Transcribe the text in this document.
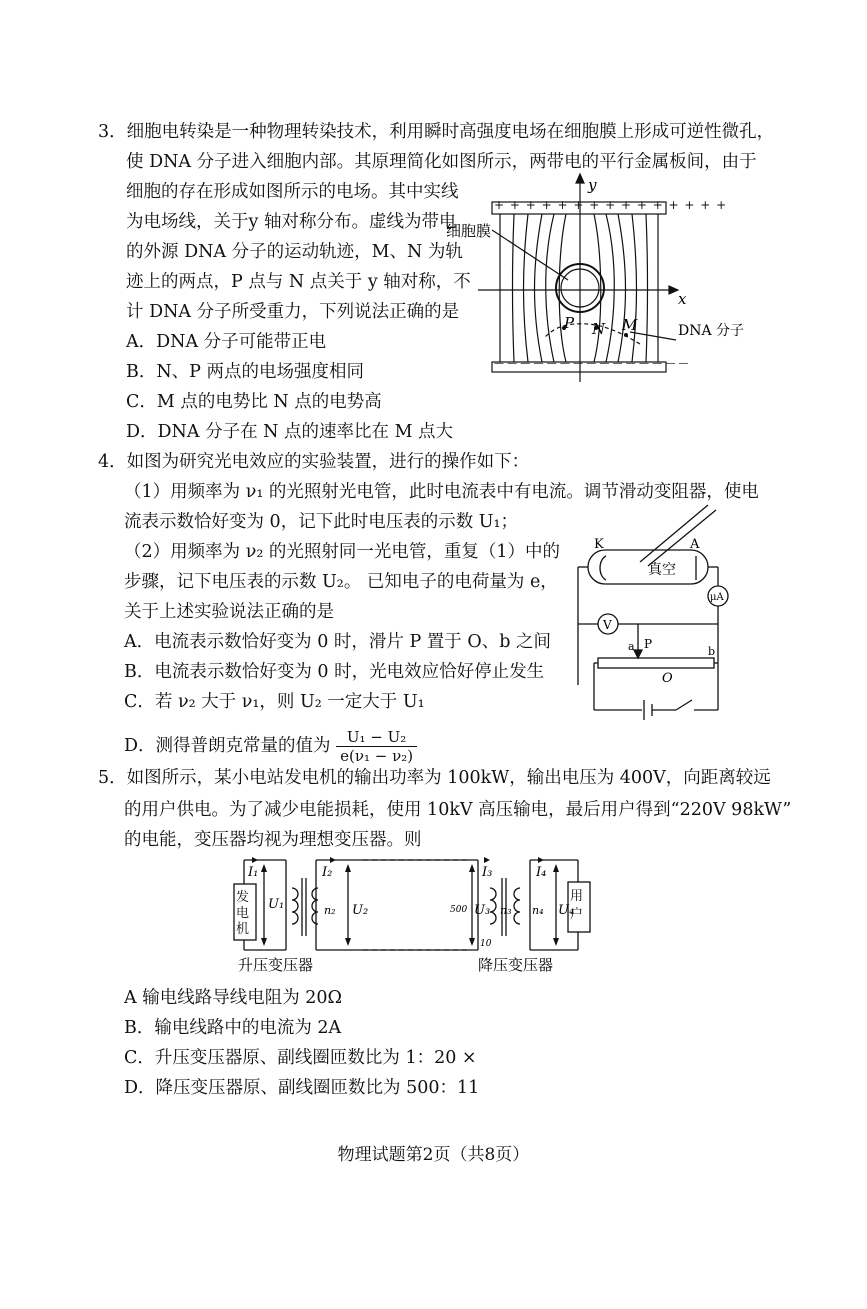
3．细胞电转染是一种物理转染技术，利用瞬时高强度电场在细胞膜上形成可逆性微孔，
使 DNA 分子进入细胞内部。其原理简化如图所示，两带电的平行金属板间，由于
细胞的存在形成如图所示的电场。其中实线
为电场线，关于y 轴对称分布。虚线为带电
的外源 DNA 分子的运动轨迹，M、N 为轨
迹上的两点，P 点与 N 点关于 y 轴对称，不
计 DNA 分子所受重力，下列说法正确的是
A．DNA 分子可能带正电
B．N、P 两点的电场强度相同
C．M 点的电势比 N 点的电势高
D．DNA 分子在 N 点的速率比在 M 点大
细胞膜
y
x
P N M	DNA 分子
+ + + + + + + + + + + + + + +
— — — — — — — — — — — — — — —
4．如图为研究光电效应的实验装置，进行的操作如下：
（1）用频率为 ν₁ 的光照射光电管，此时电流表中有电流。调节滑动变阻器，使电
流表示数恰好变为 0，记下此时电压表的示数 U₁；
（2）用频率为 ν₂ 的光照射同一光电管，重复（1）中的
步骤，记下电压表的示数 U₂。 已知电子的电荷量为 e，
关于上述实验说法正确的是
A．电流表示数恰好变为 0 时，滑片 P 置于 O、b 之间
B．电流表示数恰好变为 0 时，光电效应恰好停止发生
C．若 ν₂ 大于 ν₁，则 U₂ 一定大于 U₁
D．测得普朗克常量的值为 $\frac{\text{U₁ − U₂}}{\text{e(ν₁ − ν₂)}}$
K	A
真空
μA
V
P
a
O
b
5．如图所示，某小电站发电机的输出功率为 100kW，输出电压为 400V，向距离较远
的用户供电。为了减少电能损耗，使用 10kV 高压输电，最后用户得到“220V 98kW”
的电能，变压器均视为理想变压器。则
I₁
U₁
I₂
n₂ U₂
I₃
U₃ n₃
I₄
n₄ U₄
500
10
升压变压器	降压变压器
发电机
用户
A 输电线路导线电阻为 20Ω
B．输电线路中的电流为 2A
C．升压变压器原、副线圈匝数比为 1：20 ×
D．降压变压器原、副线圈匝数比为 500：11
物理试题第2页（共8页）
